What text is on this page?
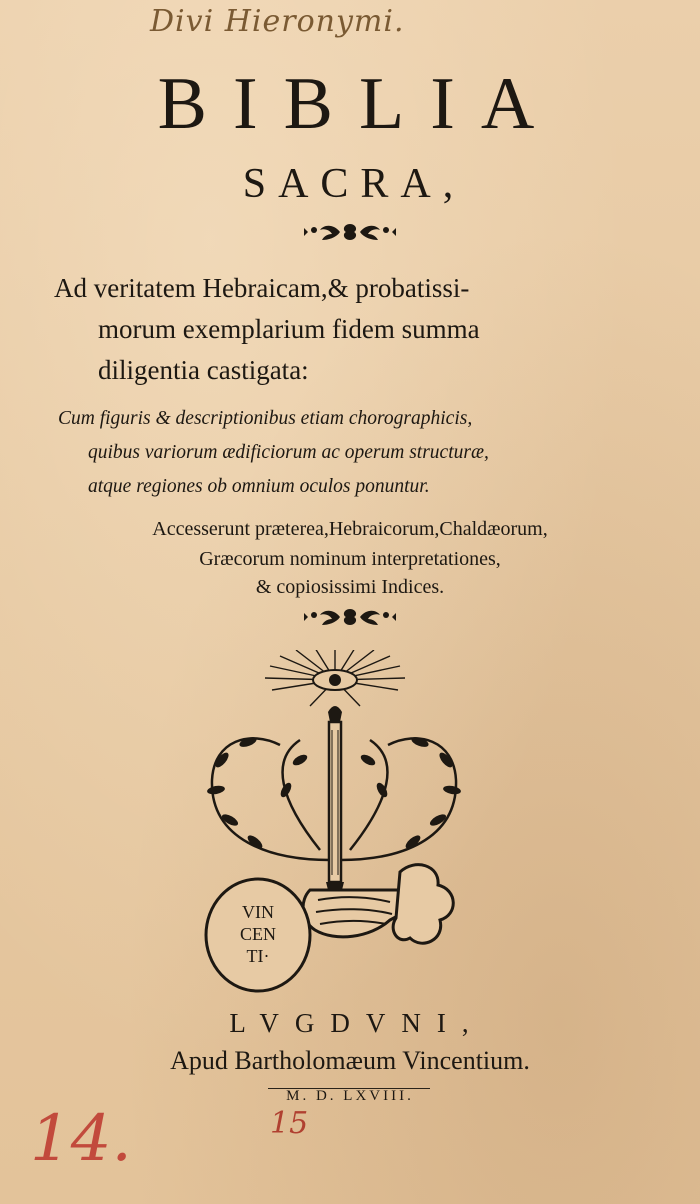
Divi Hieronymi.
BIBLIA
SACRA,
Ad veritatem Hebraicam,& probatissi-
morum exemplarium fidem summa
diligentia castigata:
Cum figuris & descriptionibus etiam chorographicis,
quibus variorum ædificiorum ac operum structuræ,
atque regiones ob omnium oculos ponuntur.
Accesserunt præterea,Hebraicorum,Chaldæorum,
Græcorum nominum interpretationes,
& copiosissimi Indices.
VIN
CEN
TI·
LVGDVNI,
Apud Bartholomæum Vincentium.
M. D. LXVIII.
15
14.
